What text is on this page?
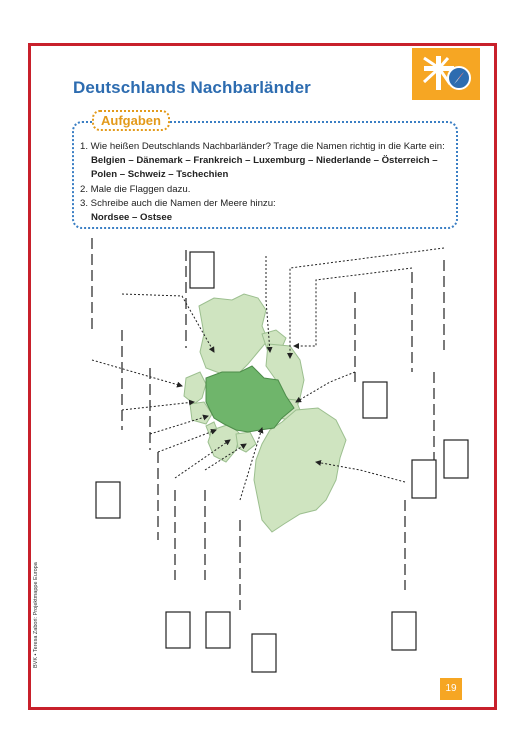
Deutschlands Nachbarländer
Aufgaben
1. Wie heißen Deutschlands Nachbarländer? Trage die Namen richtig in die Karte ein:
Belgien – Dänemark – Frankreich – Luxemburg – Niederlande – Österreich –
Polen – Schweiz – Tschechien
2. Male die Flaggen dazu.
3. Schreibe auch die Namen der Meere hinzu:
Nordsee – Ostsee
BVK • Teresa Zabori: Projektmappe Europa
19
